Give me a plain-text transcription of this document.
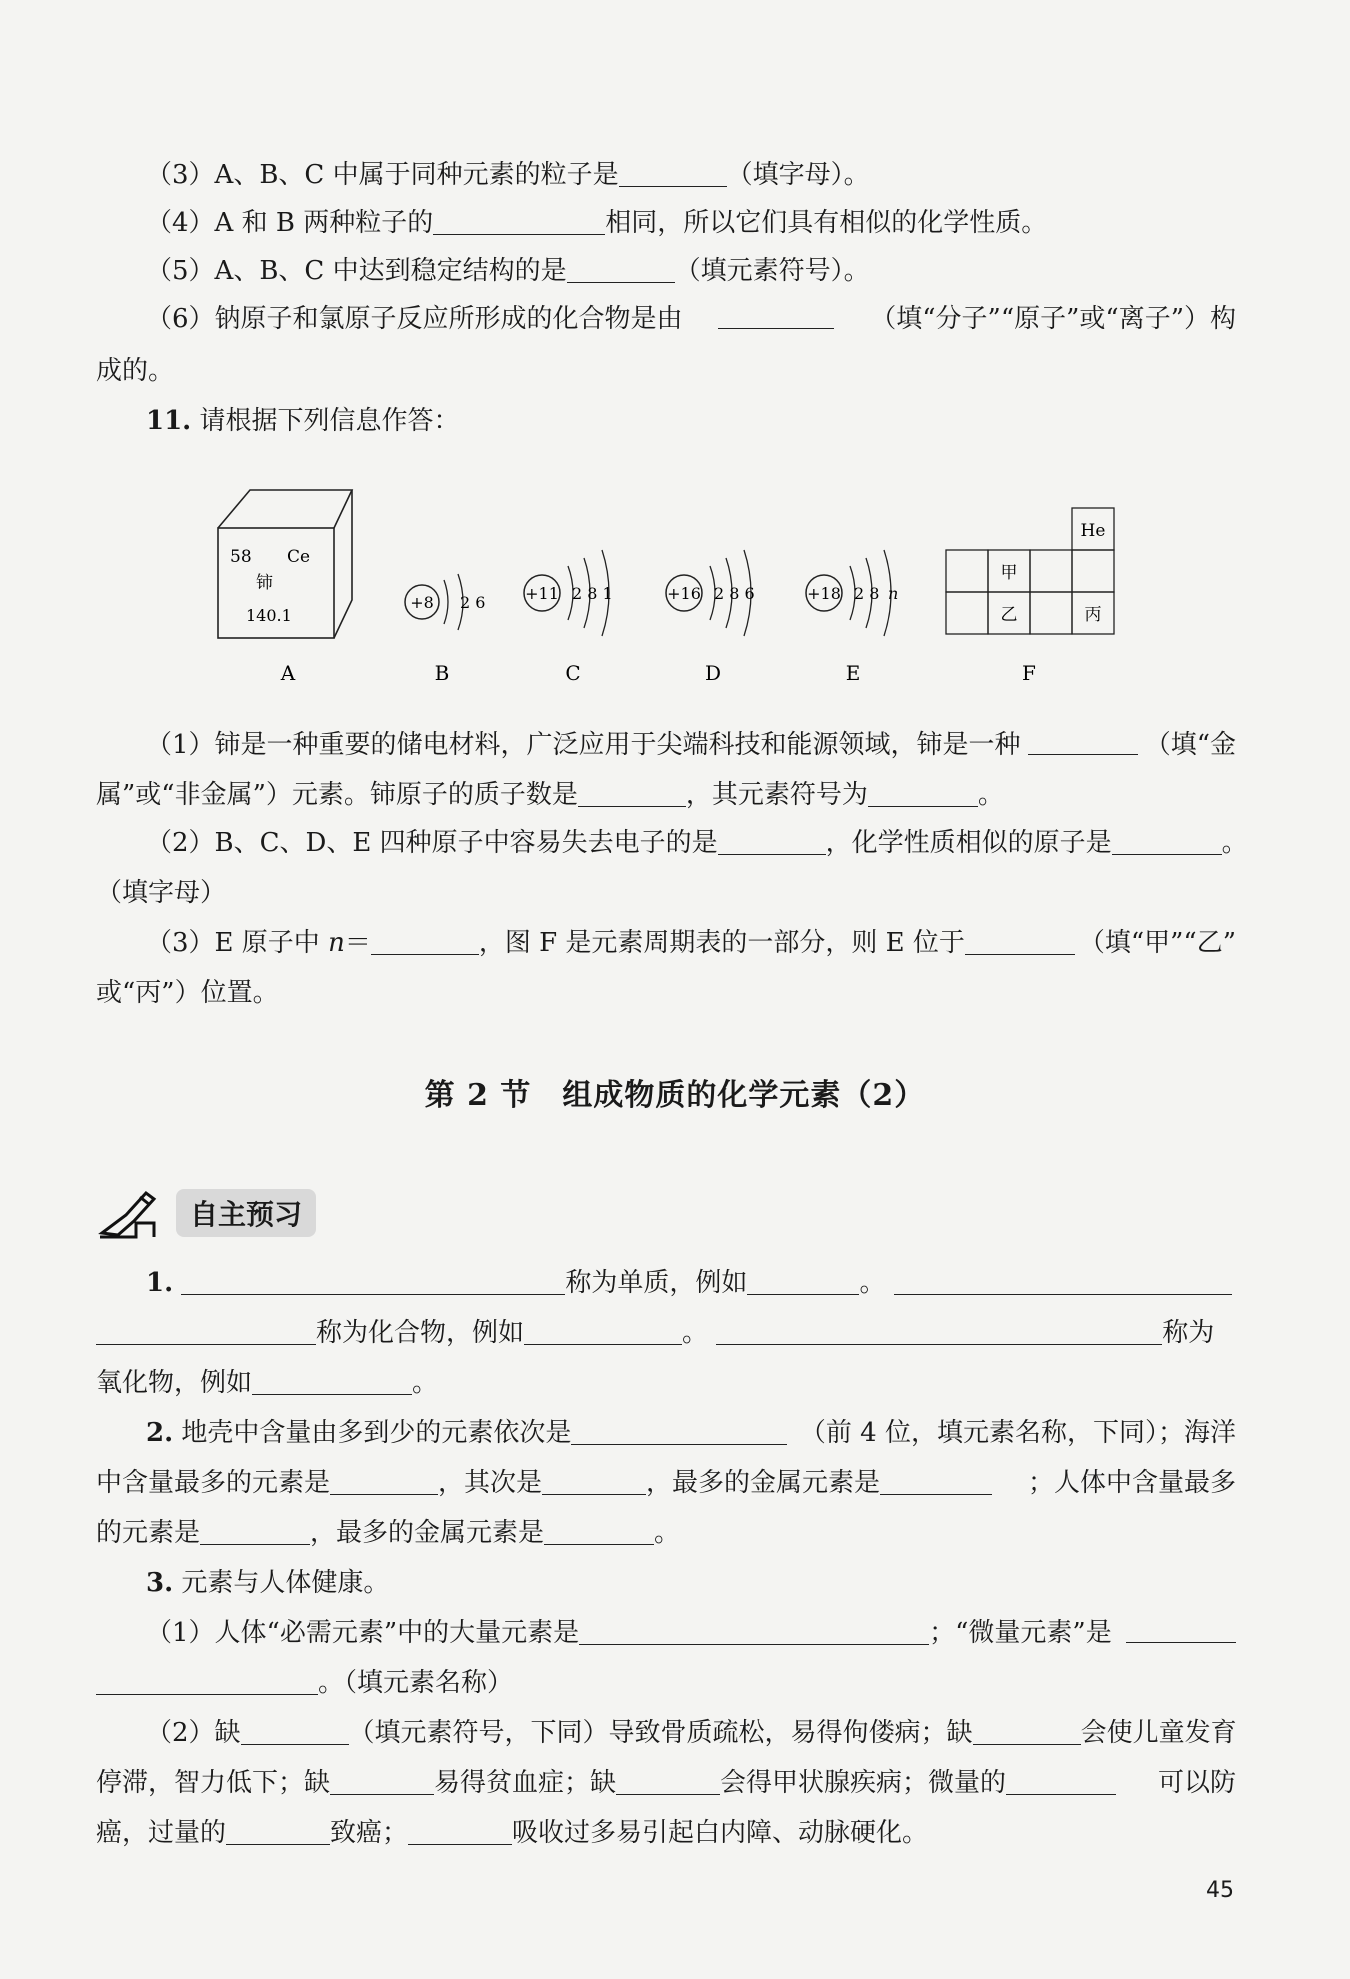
（3）A、B、C 中属于同种元素的粒子是	（填字母）。
（4）A 和 B 两种粒子的	相同，所以它们具有相似的化学性质。
（5）A、B、C 中达到稳定结构的是	（填元素符号）。
（6）钠原子和氯原子反应所形成的化合物是由	（填“分子”“原子”或“离子”）构
成的。
11. 请根据下列信息作答：
58 Ce
铈
140.1
+8 2 6 +11 2 8 1	+16 2 8 6	+18 2 8 n
He
甲
乙	丙
A	B	C	D	E	F
（1）铈是一种重要的储电材料，广泛应用于尖端科技和能源领域，铈是一种	（填“金
属”或“非金属”）元素。铈原子的质子数是	，其元素符号为	。
（2）B、C、D、E 四种原子中容易失去电子的是	，化学性质相似的原子是	。
（填字母）
（3）E 原子中 n＝	，图 F 是元素周期表的一部分，则 E 位于	（填“甲”“乙”
或“丙”）位置。
第 2 节　组成物质的化学元素（2）
自主预习
1.	称为单质，例如	。
称为化合物，例如	。	称为
氧化物，例如	。
2. 地壳中含量由多到少的元素依次是	（前 4 位，填元素名称，下同）；海洋
中含量最多的元素是	，其次是	，最多的金属元素是	；人体中含量最多
的元素是	，最多的金属元素是	。
3. 元素与人体健康。
（1）人体“必需元素”中的大量元素是	；“微量元素”是
。（填元素名称）
（2）缺	（填元素符号，下同）导致骨质疏松，易得佝偻病；缺	会使儿童发育
停滞，智力低下；缺	易得贫血症；缺	会得甲状腺疾病；微量的	可以防
癌，过量的	致癌；	吸收过多易引起白内障、动脉硬化。
45
